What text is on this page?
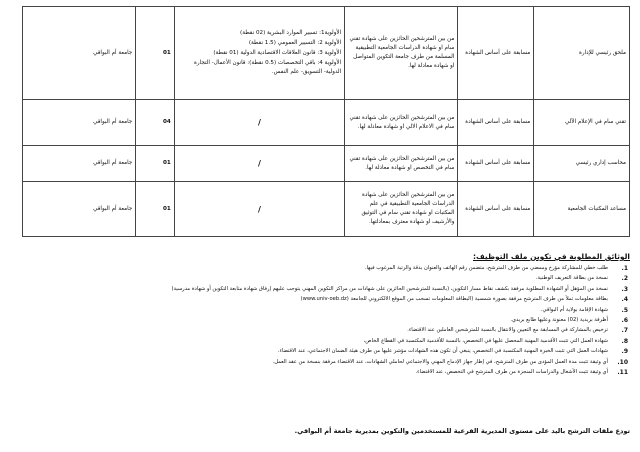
جامعة أم البواقي	01	الأولوية1: تسيير الموارد البشرية (02 نقطة)
الأولوية 2: التسيير العمومي (1.5 نقطة)
الأولوية 3: قانون العلاقات الاقتصادية الدولية (01 نقطة)
الأولوية 4: باقي التخصصات (0.5 نقطة): قانون الأعمال- التجارة الدولية- التسويق- علم النفس.	من بين المترشحين الحائزين على شهادة تقني سام او شهادة الدراسات الجامعية التطبيقية المسلمة من طرف جامعة التكوين المتواصل او شهادة معادلة لها.	مسابقة على أساس الشهادة	ملحق رئيسي للإدارة
جامعة أم البواقي	04	/	من بين المترشحين الحائزين على شهادة تقني سام في الاعلام الالي او شهادة معادلة لها.	مسابقة على أساس الشهادة	تقني سام في الإعلام الآلي
جامعة أم البواقي	01	/	من بين المترشحين الحائزين على شهادة تقني سام في التخصص او شهادة معادلة لها.	مسابقة على أساس الشهادة	محاسب إداري رئيسي
جامعة أم البواقي	01	/	من بين المترشحين الحائزين على شهادة الدراسات الجامعية التطبيقية في علم المكتبات او شهادة تقني سام في التوثيق والأرشيف او شهادة معترف بمعادلتها.	مسابقة على أساس الشهادة	مساعد المكتبات الجامعية
الوثائق المطلوبة في تكوين ملف التوظيف:
1.
طلب خطي للمشاركة مؤرخ وممضي من طرف المترشح، متضمن رقم الهاتف والعنوان بدقة والرتبة المرغوب فيها.
2.
نسخة من بطاقة التعريف الوطنية.
3.
نسخة من المؤهل أو الشهادة المطلوبة مرفقة بكشف نقاط مسار التكوين، (بالنسبة للمترشحين الحائزين على شهادات من مراكز التكوين المهني يتوجب عليهم إرفاق شهادة متابعة التكوين أو شهادة مدرسية)
4.
بطاقة معلومات تملأ من طرف المترشح مرفقة بصورة شمسية (البطاقة المعلومات تسحب من الموقع الالكتروني للجامعة (www.univ-oeb.dz)
5.
شهادة الإقامة بولاية أم البواقي.
6.
أظرفة بريدية (02) معنونة وعليها طابع بريدي.
7.
ترخيص بالمشاركة في المسابقة مع التعيين والانتقال بالنسبة للمترشحين العاملين عند الاقتضاء.
8.
شهادة العمل التي تثبت الأقدمية المهنية المحصل عليها في التخصص، بالنسبة للأقدمية المكتسبة في القطاع الخاص،
9.
شهادات العمل التي تثبت الخبرة المهنية المكتسبة في التخصص، ينبغي أن تكون هذه الشهادات مؤشر عليها من طرف هيئة الضمان الاجتماعي، عند الاقتضاء.
10.
أي وثيقة تثبت مدة العمل المؤدى من طرف المترشح، في إطار جهاز الإدماج المهني والاجتماعي لحاملي الشهادات، عند الاقتضاء مرفقة بنسخة من عقد العمل.
11.
أي وثيقة تثبت الأشغال والدراسات المنجزة من طرف المترشح في التخصص، عند الاقتضاء.
تودع ملفات الترشح باليد على مستوى المديرية الفرعية للمستخدمين والتكوين بمديرية جامعة أم البواقي.
